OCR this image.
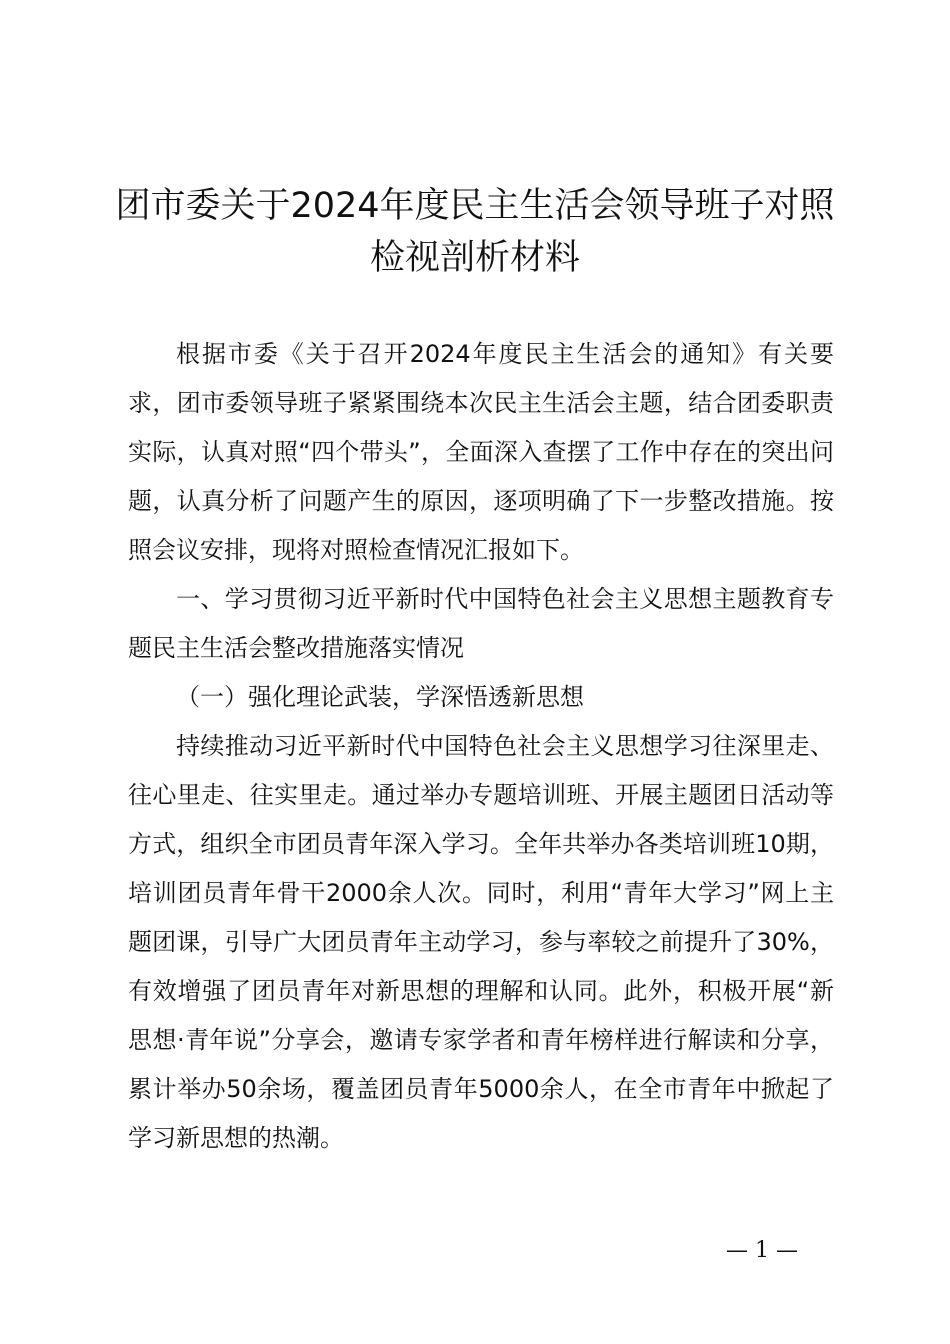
团市委关于2024年度民主生活会领导班子对照检视剖析材料

根据市委《关于召开2024年度民主生活会的通知》有关要求，团市委领导班子紧紧围绕本次民主生活会主题，结合团委职责实际，认真对照“四个带头”，全面深入查摆了工作中存在的突出问题，认真分析了问题产生的原因，逐项明确了下一步整改措施。按照会议安排，现将对照检查情况汇报如下。

一、学习贯彻习近平新时代中国特色社会主义思想主题教育专题民主生活会整改措施落实情况

（一）强化理论武装，学深悟透新思想

持续推动习近平新时代中国特色社会主义思想学习往深里走、往心里走、往实里走。通过举办专题培训班、开展主题团日活动等方式，组织全市团员青年深入学习。全年共举办各类培训班10期，培训团员青年骨干2000余人次。同时，利用“青年大学习”网上主题团课，引导广大团员青年主动学习，参与率较之前提升了30%，有效增强了团员青年对新思想的理解和认同。此外，积极开展“新思想·青年说”分享会，邀请专家学者和青年榜样进行解读和分享，累计举办50余场，覆盖团员青年5000余人，在全市青年中掀起了学习新思想的热潮。

— 1 —
